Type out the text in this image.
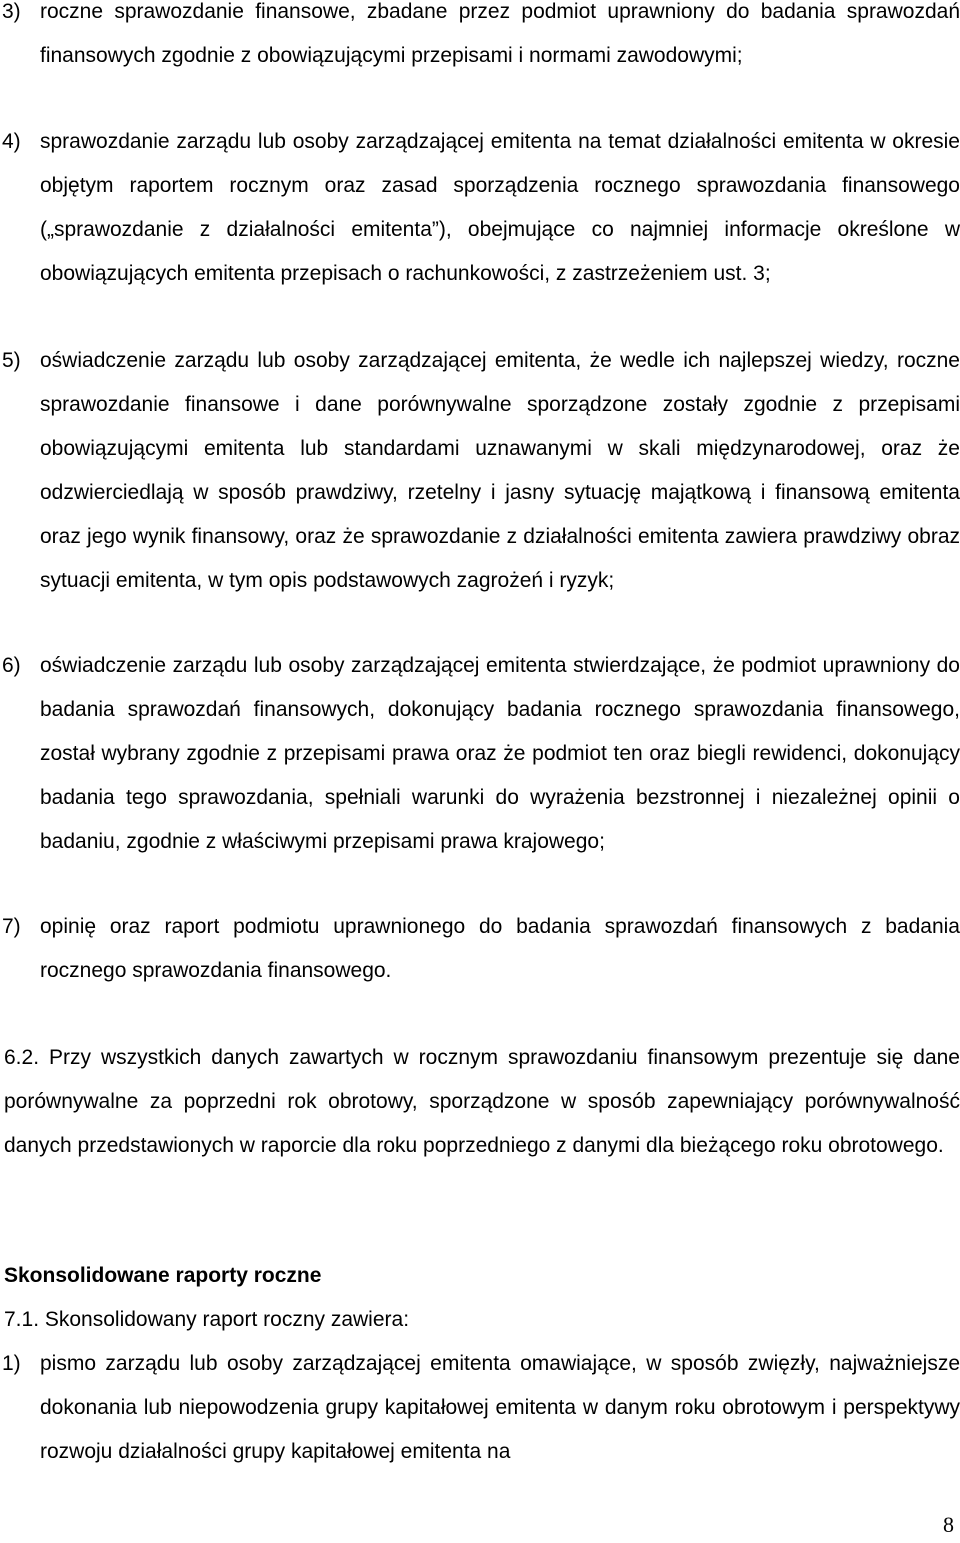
3) roczne sprawozdanie finansowe, zbadane przez podmiot uprawniony do badania sprawozdań finansowych zgodnie z obowiązującymi przepisami i normami zawodowymi;
4) sprawozdanie zarządu lub osoby zarządzającej emitenta na temat działalności emitenta w okresie objętym raportem rocznym oraz zasad sporządzenia rocznego sprawozdania finansowego („sprawozdanie z działalności emitenta”), obejmujące co najmniej informacje określone w obowiązujących emitenta przepisach o rachunkowości, z zastrzeżeniem ust. 3;
5) oświadczenie zarządu lub osoby zarządzającej emitenta, że wedle ich najlepszej wiedzy, roczne sprawozdanie finansowe i dane porównywalne sporządzone zostały zgodnie z przepisami obowiązującymi emitenta lub standardami uznawanymi w skali międzynarodowej, oraz że odzwierciedlają w sposób prawdziwy, rzetelny i jasny sytuację majątkową i finansową emitenta oraz jego wynik finansowy, oraz że sprawozdanie z działalności emitenta zawiera prawdziwy obraz sytuacji emitenta, w tym opis podstawowych zagrożeń i ryzyk;
6) oświadczenie zarządu lub osoby zarządzającej emitenta stwierdzające, że podmiot uprawniony do badania sprawozdań finansowych, dokonujący badania rocznego sprawozdania finansowego, został wybrany zgodnie z przepisami prawa oraz że podmiot ten oraz biegli rewidenci, dokonujący badania tego sprawozdania, spełniali warunki do wyrażenia bezstronnej i niezależnej opinii o badaniu, zgodnie z właściwymi przepisami prawa krajowego;
7) opinię oraz raport podmiotu uprawnionego do badania sprawozdań finansowych z badania rocznego sprawozdania finansowego.
6.2. Przy wszystkich danych zawartych w rocznym sprawozdaniu finansowym prezentuje się dane porównywalne za poprzedni rok obrotowy, sporządzone w sposób zapewniający porównywalność danych przedstawionych w raporcie dla roku poprzedniego z danymi dla bieżącego roku obrotowego.
Skonsolidowane raporty roczne
7.1. Skonsolidowany raport roczny zawiera:
1) pismo zarządu lub osoby zarządzającej emitenta omawiające, w sposób zwięzły, najważniejsze dokonania lub niepowodzenia grupy kapitałowej emitenta w danym roku obrotowym i perspektywy rozwoju działalności grupy kapitałowej emitenta na
8
